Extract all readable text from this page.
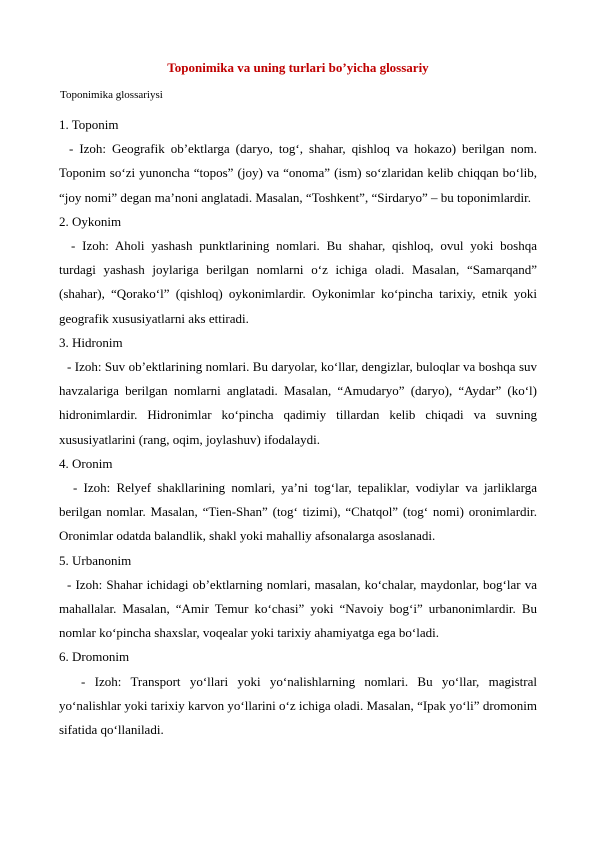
Toponimika va uning turlari bo’yicha glossariy
Toponimika glossariysi
1. Toponim
- Izoh: Geografik ob’ektlarga (daryo, tog‘, shahar, qishloq va hokazo) berilgan nom. Toponim so‘zi yunoncha “topos” (joy) va “onoma” (ism) so‘zlaridan kelib chiqqan bo‘lib, “joy nomi” degan ma’noni anglatadi. Masalan, “Toshkent”, “Sirdaryo” – bu toponimlardir.
2. Oykonim
- Izoh: Aholi yashash punktlarining nomlari. Bu shahar, qishloq, ovul yoki boshqa turdagi yashash joylariga berilgan nomlarni o‘z ichiga oladi. Masalan, “Samarqand” (shahar), “Qorako‘l” (qishloq) oykonimlardir. Oykonimlar ko‘pincha tarixiy, etnik yoki geografik xususiyatlarni aks ettiradi.
3. Hidronim
- Izoh: Suv ob’ektlarining nomlari. Bu daryolar, ko‘llar, dengizlar, buloqlar va boshqa suv havzalariga berilgan nomlarni anglatadi. Masalan, “Amudaryo” (daryo), “Aydar” (ko‘l) hidronimlardir. Hidronimlar ko‘pincha qadimiy tillardan kelib chiqadi va suvning xususiyatlarini (rang, oqim, joylashuv) ifodalaydi.
4. Oronim
- Izoh: Relyef shakllarining nomlari, ya’ni tog‘lar, tepaliklar, vodiylar va jarliklarga berilgan nomlar. Masalan, “Tien-Shan” (tog‘ tizimi), “Chatqol” (tog‘ nomi) oronimlardir. Oronimlar odatda balandlik, shakl yoki mahalliy afsonalarga asoslanadi.
5. Urbanonim
- Izoh: Shahar ichidagi ob’ektlarning nomlari, masalan, ko‘chalar, maydonlar, bog‘lar va mahallalar. Masalan, “Amir Temur ko‘chasi” yoki “Navoiy bog‘i” urbanonimlardir. Bu nomlar ko‘pincha shaxslar, voqealar yoki tarixiy ahamiyatga ega bo‘ladi.
6. Dromonim
- Izoh: Transport yo‘llari yoki yo‘nalishlarning nomlari. Bu yo‘llar, magistral yo‘nalishlar yoki tarixiy karvon yo‘llarini o‘z ichiga oladi. Masalan, “Ipak yo‘li” dromonim sifatida qo‘llaniladi.
